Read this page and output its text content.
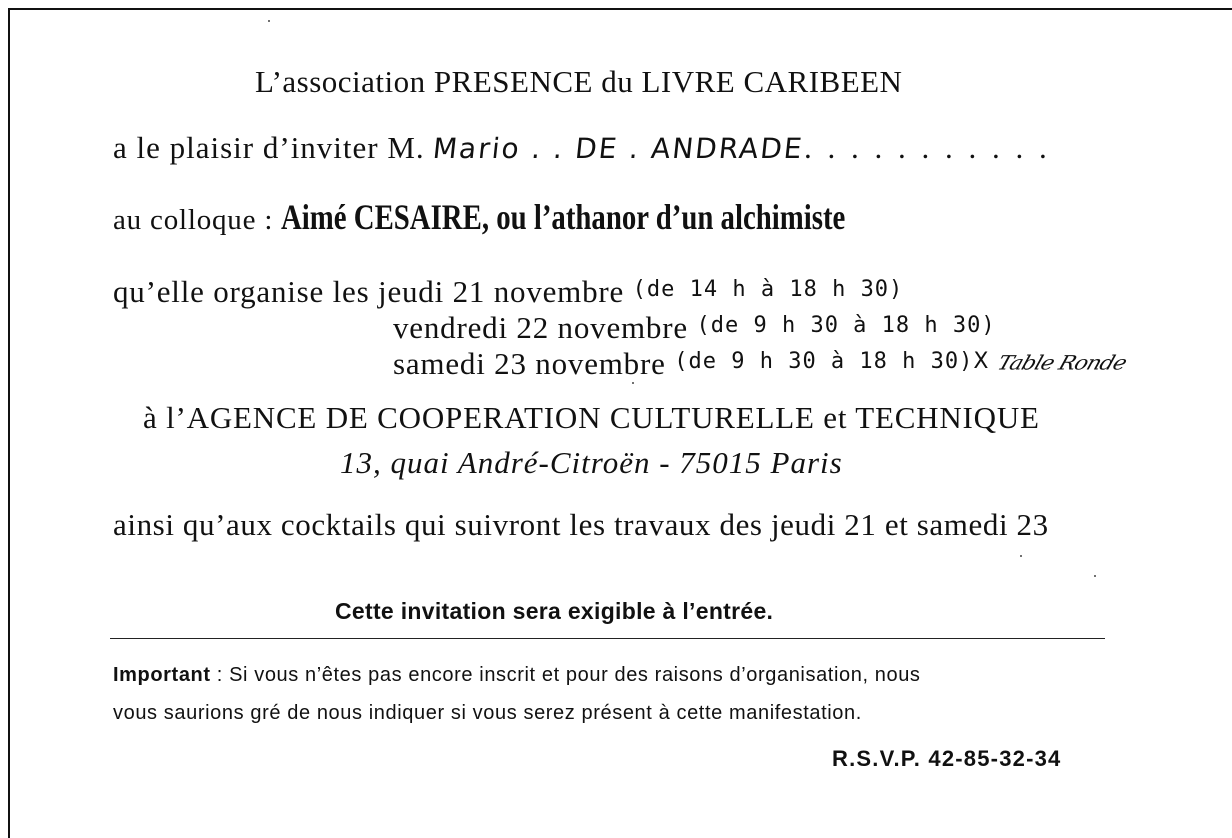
L’association PRESENCE du LIVRE CARIBEEN
a le plaisir d’inviter M. Mario . . DE . ANDRADE. . . . . . . . . . .
au colloque : Aimé CESAIRE, ou l’athanor d’un alchimiste
qu’elle organise les jeudi 21 novembre (de 14 h à 18 h 30)
vendredi 22 novembre (de 9 h 30 à 18 h 30)
samedi 23 novembre (de 9 h 30 à 18 h 30)X Table Ronde
à l’AGENCE DE COOPERATION CULTURELLE et TECHNIQUE
13, quai André-Citroën - 75015 Paris
ainsi qu’aux cocktails qui suivront les travaux des jeudi 21 et samedi 23
Cette invitation sera exigible à l’entrée.
Important : Si vous n’êtes pas encore inscrit et pour des raisons d’organisation, nous
vous saurions gré de nous indiquer si vous serez présent à cette manifestation.
R.S.V.P. 42-85-32-34
